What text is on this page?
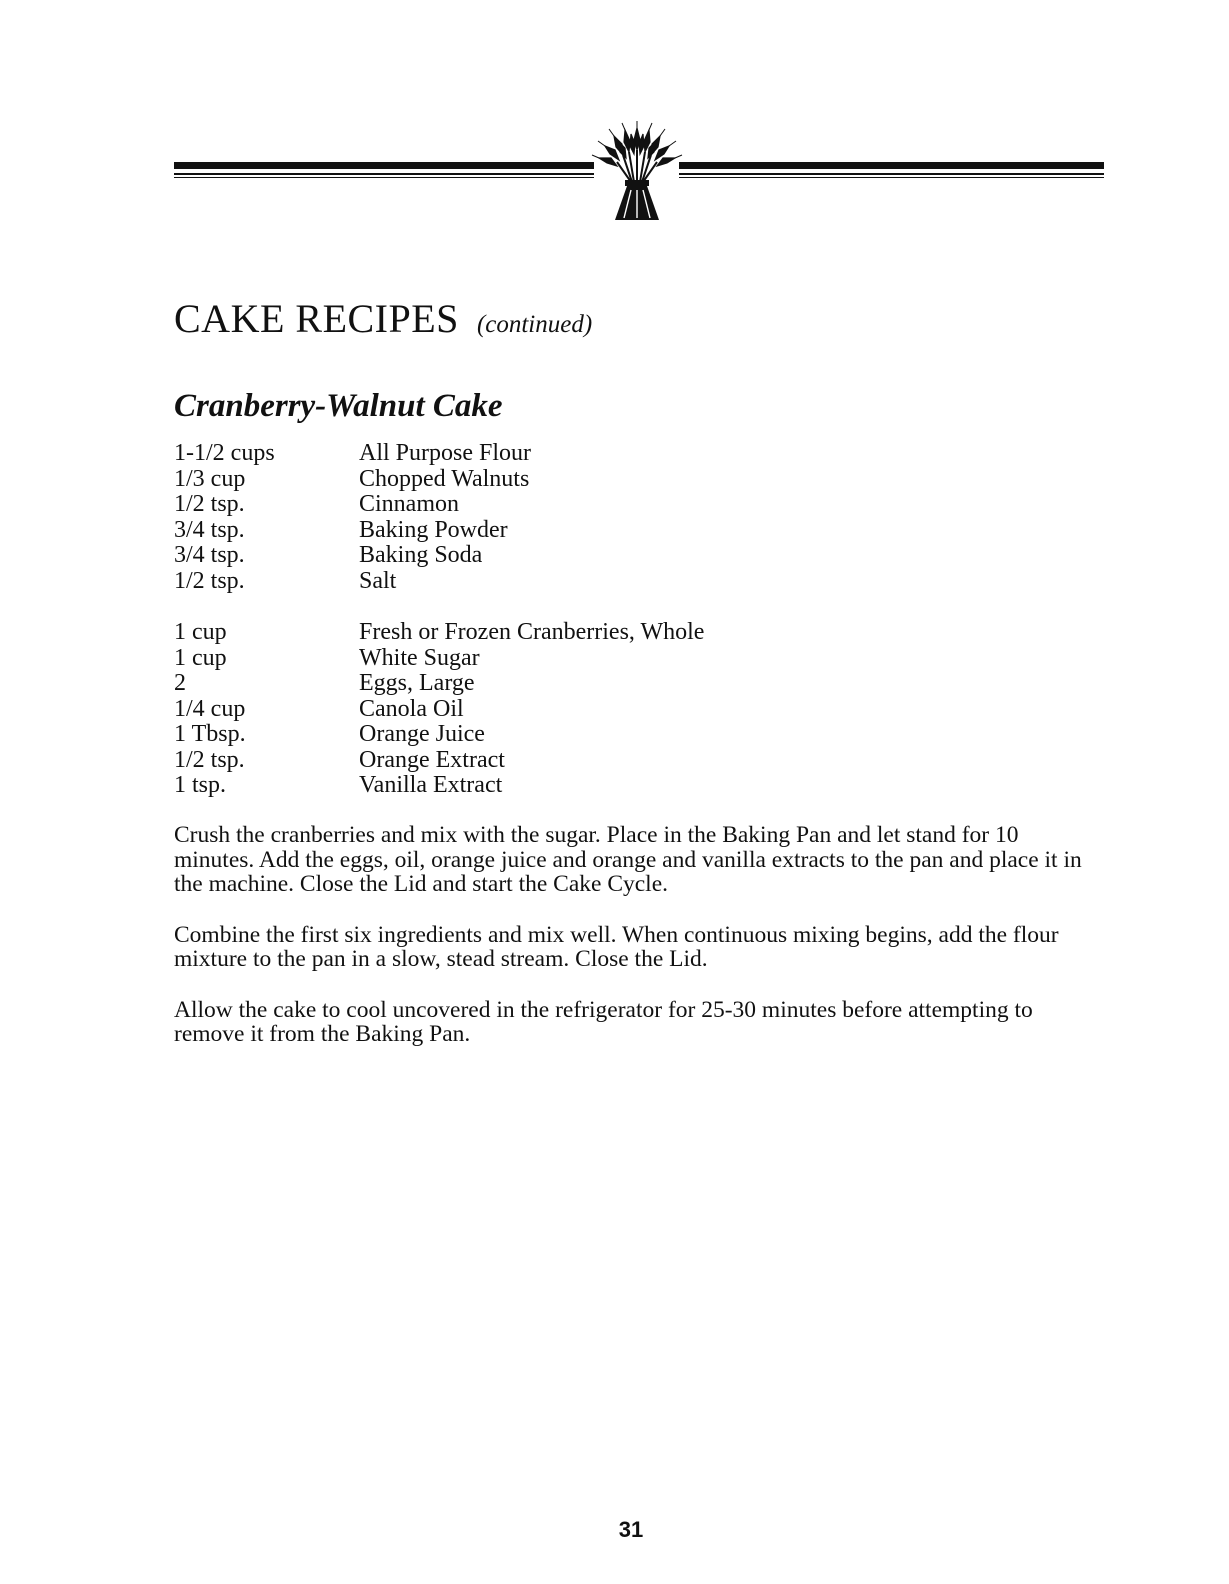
CAKE RECIPES (continued)
Cranberry-Walnut Cake
1-1/2 cups	All Purpose Flour
1/3 cup	Chopped Walnuts
1/2 tsp.	Cinnamon
3/4 tsp.	Baking Powder
3/4 tsp.	Baking Soda
1/2 tsp.	Salt
1 cup	Fresh or Frozen Cranberries, Whole
1 cup	White Sugar
2	Eggs, Large
1/4 cup	Canola Oil
1 Tbsp.	Orange Juice
1/2 tsp.	Orange Extract
1 tsp.	Vanilla Extract

Crush the cranberries and mix with the sugar. Place in the Baking Pan and let stand for 10 minutes. Add the eggs, oil, orange juice and orange and vanilla extracts to the pan and place it in the machine. Close the Lid and start the Cake Cycle.

Combine the first six ingredients and mix well. When continuous mixing begins, add the flour mixture to the pan in a slow, stead stream. Close the Lid.

Allow the cake to cool uncovered in the refrigerator for 25-30 minutes before attempting to remove it from the Baking Pan.

31
